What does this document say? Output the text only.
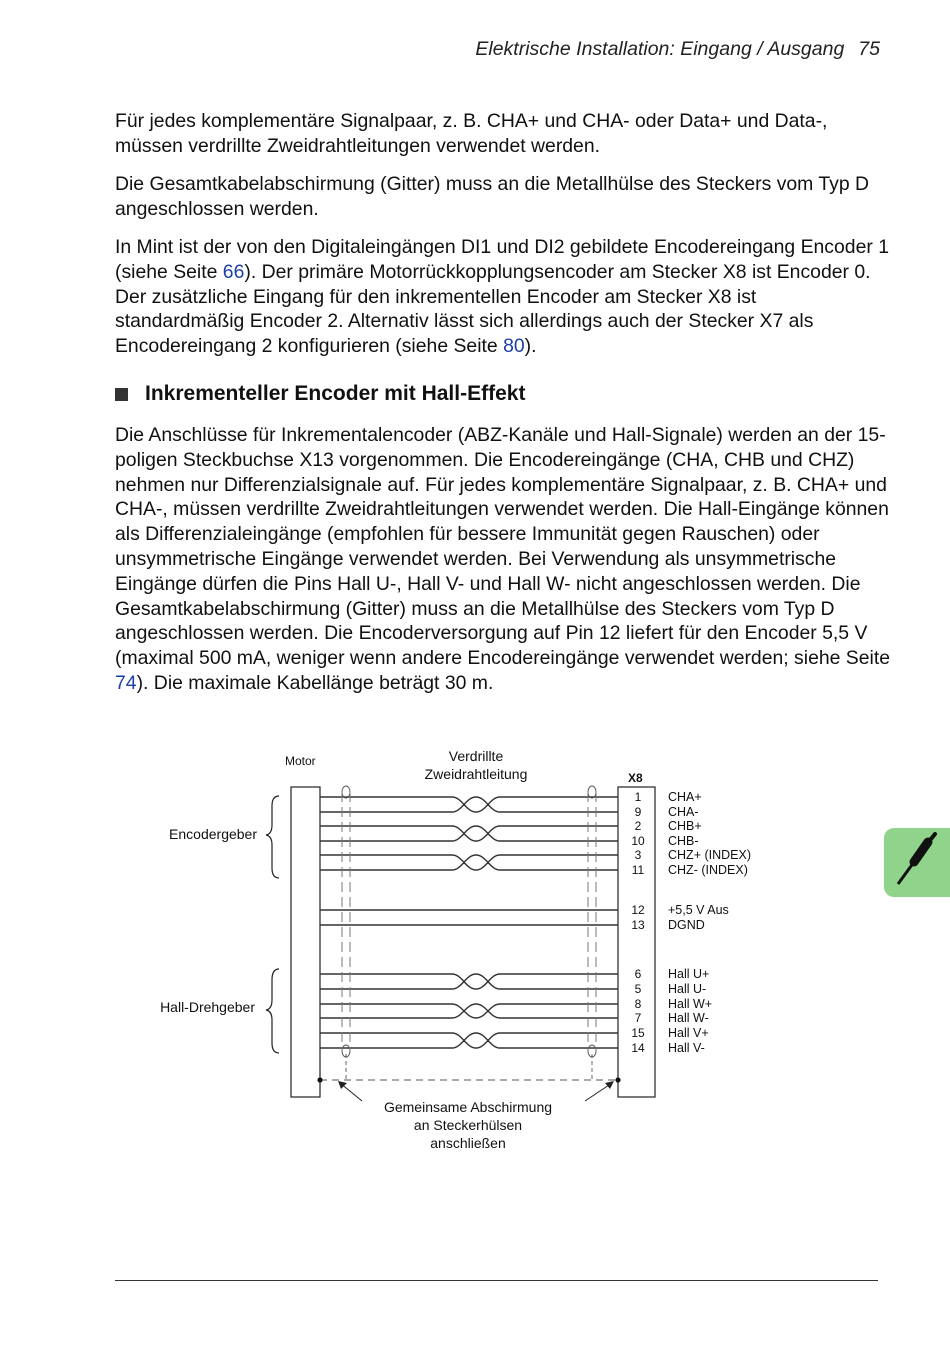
Elektrische Installation: Eingang / Ausgang 75

Für jedes komplementäre Signalpaar, z. B. CHA+ und CHA- oder Data+ und Data-, müssen verdrillte Zweidrahtleitungen verwendet werden.

Die Gesamtkabelabschirmung (Gitter) muss an die Metallhülse des Steckers vom Typ D angeschlossen werden.

In Mint ist der von den Digitaleingängen DI1 und DI2 gebildete Encodereingang Encoder 1 (siehe Seite 66). Der primäre Motorrückkopplungsencoder am Stecker X8 ist Encoder 0. Der zusätzliche Eingang für den inkrementellen Encoder am Stecker X8 ist standardmäßig Encoder 2. Alternativ lässt sich allerdings auch der Stecker X7 als Encodereingang 2 konfigurieren (siehe Seite 80).

Inkrementeller Encoder mit Hall-Effekt

Die Anschlüsse für Inkrementalencoder (ABZ-Kanäle und Hall-Signale) werden an der 15-poligen Steckbuchse X13 vorgenommen. Die Encodereingänge (CHA, CHB und CHZ) nehmen nur Differenzialsignale auf. Für jedes komplementäre Signalpaar, z. B. CHA+ und CHA-, müssen verdrillte Zweidrahtleitungen verwendet werden. Die Hall-Eingänge können als Differenzialeingänge (empfohlen für bessere Immunität gegen Rauschen) oder unsymmetrische Eingänge verwendet werden. Bei Verwendung als unsymmetrische Eingänge dürfen die Pins Hall U-, Hall V- und Hall W- nicht angeschlossen werden. Die Gesamtkabelabschirmung (Gitter) muss an die Metallhülse des Steckers vom Typ D angeschlossen werden. Die Encoderversorgung auf Pin 12 liefert für den Encoder 5,5 V (maximal 500 mA, weniger wenn andere Encodereingänge verwendet werden; siehe Seite 74). Die maximale Kabellänge beträgt 30 m.

Motor	Verdrillte
Zweidrahtleitung	X8
1 CHA+
9 CHA-
2 CHB+
10 CHB-
3 CHZ+ (INDEX)
11 CHZ- (INDEX)
12 +5,5 V Aus
13 DGND
6 Hall U+
5 Hall U-
8 Hall W+
7 Hall W-
15 Hall V+
14 Hall V-
Encodergeber
Hall-Drehgeber
Gemeinsame Abschirmung
an Steckerhülsen
anschließen
